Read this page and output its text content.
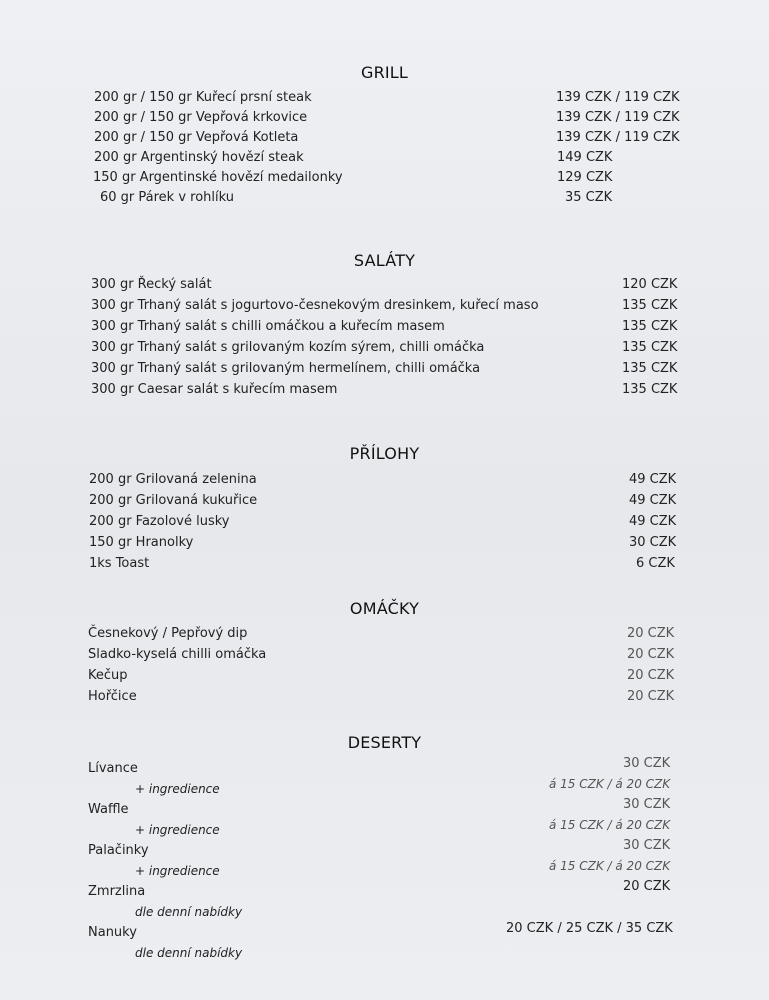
GRILL
200 gr / 150 gr Kuřecí prsní steak	139 CZK / 119 CZK
200 gr / 150 gr Vepřová krkovice	139 CZK / 119 CZK
200 gr / 150 gr Vepřová Kotleta	139 CZK / 119 CZK
200 gr Argentinský hovězí steak	149 CZK
150 gr Argentinské hovězí medailonky	129 CZK
60 gr Párek v rohlíku	35 CZK
SALÁTY
300 gr Řecký salát	120 CZK
300 gr Trhaný salát s jogurtovo-česnekovým dresinkem, kuřecí maso	135 CZK
300 gr Trhaný salát s chilli omáčkou a kuřecím masem	135 CZK
300 gr Trhaný salát s grilovaným kozím sýrem, chilli omáčka	135 CZK
300 gr Trhaný salát s grilovaným hermelínem, chilli omáčka	135 CZK
300 gr Caesar salát s kuřecím masem	135 CZK
PŘÍLOHY
200 gr Grilovaná zelenina	49 CZK
200 gr Grilovaná kukuřice	49 CZK
200 gr Fazolové lusky	49 CZK
150 gr Hranolky	30 CZK
1ks Toast	6 CZK
OMÁČKY
Česnekový / Pepřový dip	20 CZK
Sladko-kyselá chilli omáčka	20 CZK
Kečup	20 CZK
Hořčice	20 CZK
DESERTY
Lívance	30 CZK
+ ingredience	á 15 CZK / á 20 CZK
Waffle	30 CZK
+ ingredience	á 15 CZK / á 20 CZK
Palačinky	30 CZK
+ ingredience	á 15 CZK / á 20 CZK
Zmrzlina	20 CZK
dle denní nabídky
Nanuky	20 CZK / 25 CZK / 35 CZK
dle denní nabídky
